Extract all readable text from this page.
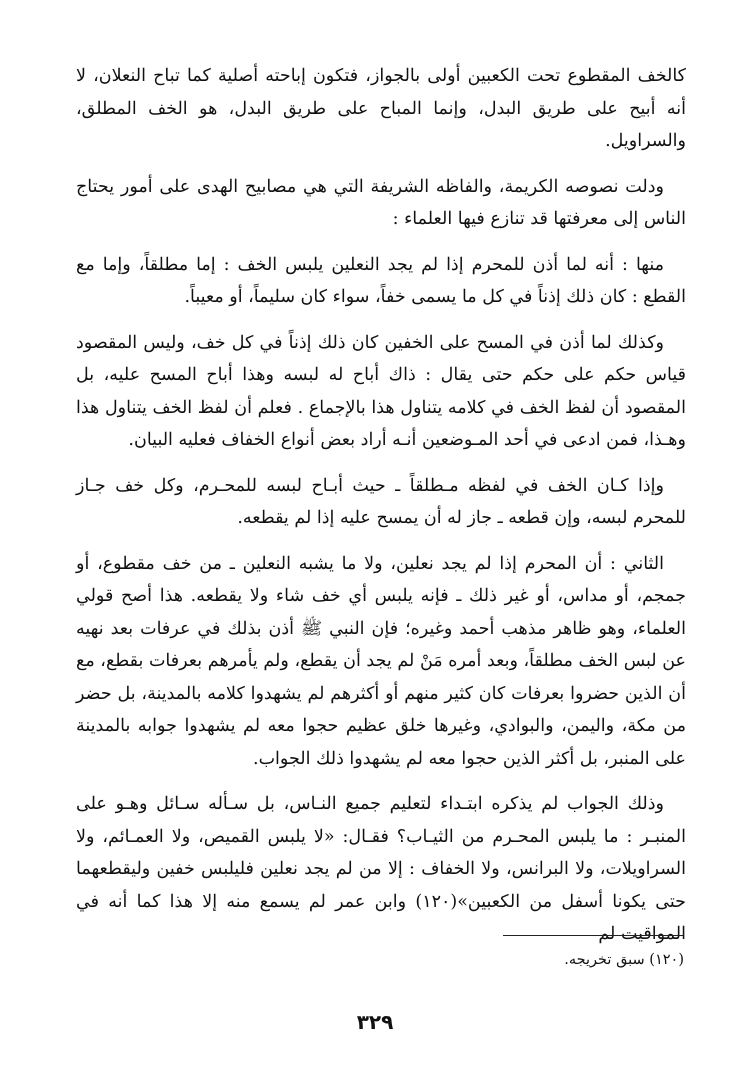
كالخف المقطوع تحت الكعبين أولى بالجواز، فتكون إباحته أصلية كما تباح النعلان، لا أنه أبيح على طريق البدل، وإنما المباح على طريق البدل، هو الخف المطلق، والسراويل.

ودلت نصوصه الكريمة، والفاظه الشريفة التي هي مصابيح الهدى على أمور يحتاج الناس إلى معرفتها قد تنازع فيها العلماء :

منها : أنه لما أذن للمحرم إذا لم يجد النعلين يلبس الخف : إما مطلقاً، وإما مع القطع : كان ذلك إذناً في كل ما يسمى خفاً، سواء كان سليماً، أو معيباً.

وكذلك لما أذن في المسح على الخفين كان ذلك إذناً في كل خف، وليس المقصود قياس حكم على حكم حتى يقال : ذاك أباح له لبسه وهذا أباح المسح عليه، بل المقصود أن لفظ الخف في كلامه يتناول هذا بالإجماع . فعلم أن لفظ الخف يتناول هذا وهـذا، فمن ادعى في أحد المـوضعين أنـه أراد بعض أنواع الخفاف فعليه البيان.

وإذا كـان الخف في لفظه مـطلقاً ـ حيث أبـاح لبسه للمحـرم، وكل خف جـاز للمحرم لبسه، وإن قطعه ـ جاز له أن يمسح عليه إذا لم يقطعه.

الثاني : أن المحرم إذا لم يجد نعلين، ولا ما يشبه النعلين ـ من خف مقطوع، أو جمجم، أو مداس، أو غير ذلك ـ فإنه يلبس أي خف شاء ولا يقطعه. هذا أصح قولي العلماء، وهو ظاهر مذهب أحمد وغيره؛ فإن النبي ﷺ أذن بذلك في عرفات بعد نهيه عن لبس الخف مطلقاً، وبعد أمره مَنْ لم يجد أن يقطع، ولم يأمرهم بعرفات بقطع، مع أن الذين حضروا بعرفات كان كثير منهم أو أكثرهم لم يشهدوا كلامه بالمدينة، بل حضر من مكة، واليمن، والبوادي، وغيرها خلق عظيم حجوا معه لم يشهدوا جوابه بالمدينة على المنبر، بل أكثر الذين حجوا معه لم يشهدوا ذلك الجواب.

وذلك الجواب لم يذكره ابتـداء لتعليم جميع النـاس، بل سـأله سـائل وهـو على المنبـر : ما يلبس المحـرم من الثيـاب؟ فقـال: «لا يلبس القميص، ولا العمـائم، ولا السراويلات، ولا البرانس، ولا الخفاف : إلا من لم يجد نعلين فليلبس خفين وليقطعهما حتى يكونا أسفل من الكعبين»(١٢٠) وابن عمر لم يسمع منه إلا هذا كما أنه في المواقيت لم

(١٢٠) سبق تخريجه.
٣٢٩
